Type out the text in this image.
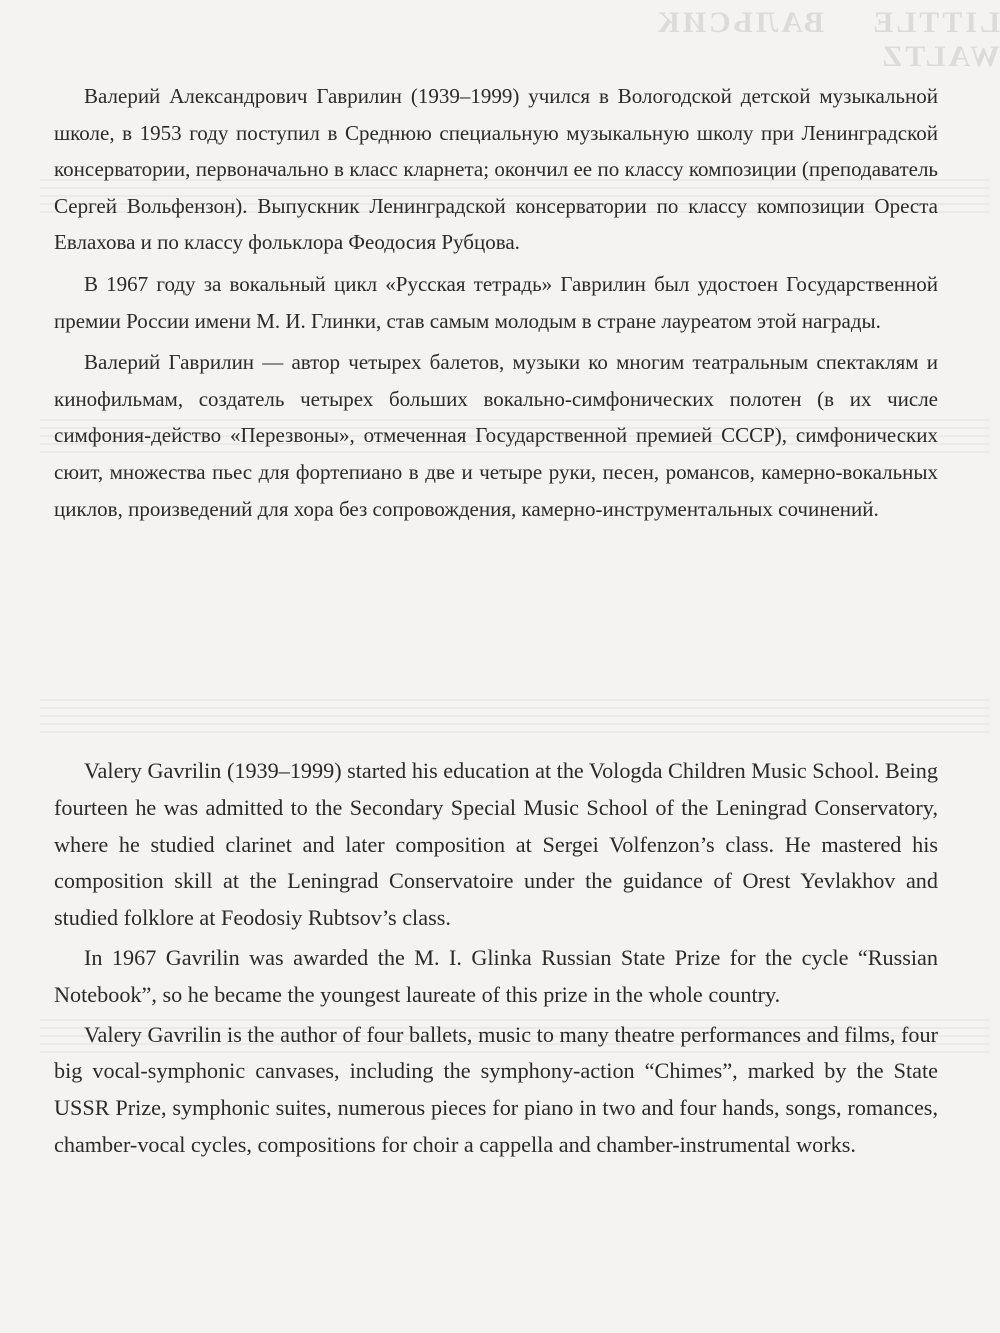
ВАЛЬСИК	LITTLE WALTZ

Валерий Александрович Гаврилин (1939–1999) учился в Вологодской детской музыкальной школе, в 1953 году поступил в Среднюю специальную музыкальную школу при Ленинградской консерватории, первоначально в класс кларнета; окончил ее по классу композиции (преподаватель Сергей Вольфензон). Выпускник Ленинградской консерватории по классу композиции Ореста Евлахова и по классу фольклора Феодосия Рубцова.

В 1967 году за вокальный цикл «Русская тетрадь» Гаврилин был удостоен Государственной премии России имени М. И. Глинки, став самым молодым в стране лауреатом этой награды.

Валерий Гаврилин — автор четырех балетов, музыки ко многим театральным спектаклям и кинофильмам, создатель четырех больших вокально-симфонических полотен (в их числе симфония-действо «Перезвоны», отмеченная Государственной премией СССР), симфонических сюит, множества пьес для фортепиано в две и четыре руки, песен, романсов, камерно-вокальных циклов, произведений для хора без сопровождения, камерно-инструментальных сочинений.

Valery Gavrilin (1939–1999) started his education at the Vologda Children Music School. Being fourteen he was admitted to the Secondary Special Music School of the Leningrad Conservatory, where he studied clarinet and later composition at Sergei Volfenzon’s class. He mastered his composition skill at the Leningrad Conservatoire under the guidance of Orest Yevlakhov and studied folklore at Feodosiy Rubtsov’s class.

In 1967 Gavrilin was awarded the M. I. Glinka Russian State Prize for the cycle “Russian Notebook”, so he became the youngest laureate of this prize in the whole country.

Valery Gavrilin is the author of four ballets, music to many theatre performances and films, four big vocal-symphonic canvases, including the symphony-action “Chimes”, marked by the State USSR Prize, symphonic suites, numerous pieces for piano in two and four hands, songs, romances, chamber-vocal cycles, compositions for choir a cappella and chamber-instrumental works.
